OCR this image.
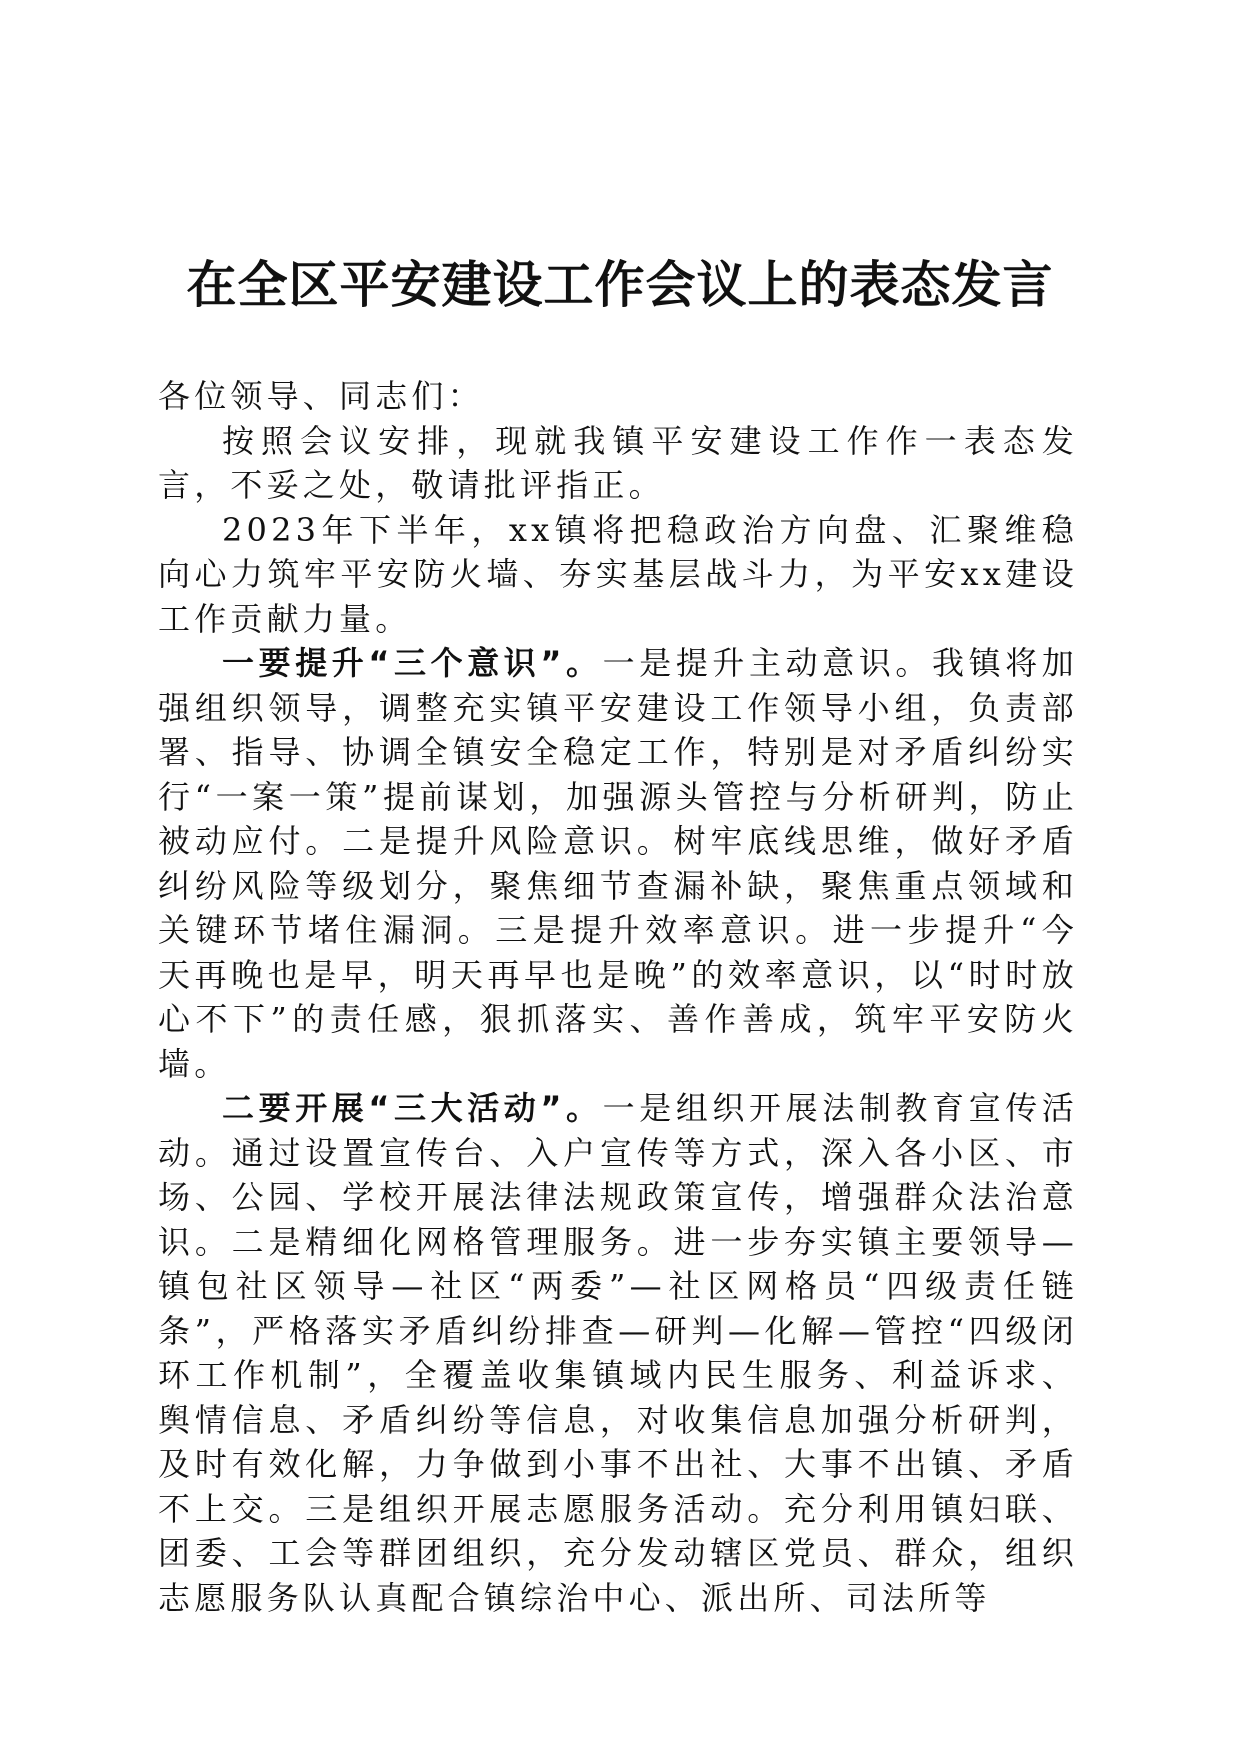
在全区平安建设工作会议上的表态发言

各位领导、同志们：

按照会议安排，现就我镇平安建设工作作一表态发言，不妥之处，敬请批评指正。

2023年下半年，xx镇将把稳政治方向盘、汇聚维稳向心力筑牢平安防火墙、夯实基层战斗力，为平安xx建设工作贡献力量。

一要提升“三个意识”。一是提升主动意识。我镇将加强组织领导，调整充实镇平安建设工作领导小组，负责部署、指导、协调全镇安全稳定工作，特别是对矛盾纠纷实行“一案一策”提前谋划，加强源头管控与分析研判，防止被动应付。二是提升风险意识。树牢底线思维，做好矛盾纠纷风险等级划分，聚焦细节查漏补缺，聚焦重点领域和关键环节堵住漏洞。三是提升效率意识。进一步提升“今天再晚也是早，明天再早也是晚”的效率意识，以“时时放心不下”的责任感，狠抓落实、善作善成，筑牢平安防火墙。

二要开展“三大活动”。一是组织开展法制教育宣传活动。通过设置宣传台、入户宣传等方式，深入各小区、市场、公园、学校开展法律法规政策宣传，增强群众法治意识。二是精细化网格管理服务。进一步夯实镇主要领导—镇包社区领导—社区“两委”—社区网格员“四级责任链条”，严格落实矛盾纠纷排查—研判—化解—管控“四级闭环工作机制”，全覆盖收集镇域内民生服务、利益诉求、舆情信息、矛盾纠纷等信息，对收集信息加强分析研判，及时有效化解，力争做到小事不出社、大事不出镇、矛盾不上交。三是组织开展志愿服务活动。充分利用镇妇联、团委、工会等群团组织，充分发动辖区党员、群众，组织志愿服务队认真配合镇综治中心、派出所、司法所等
